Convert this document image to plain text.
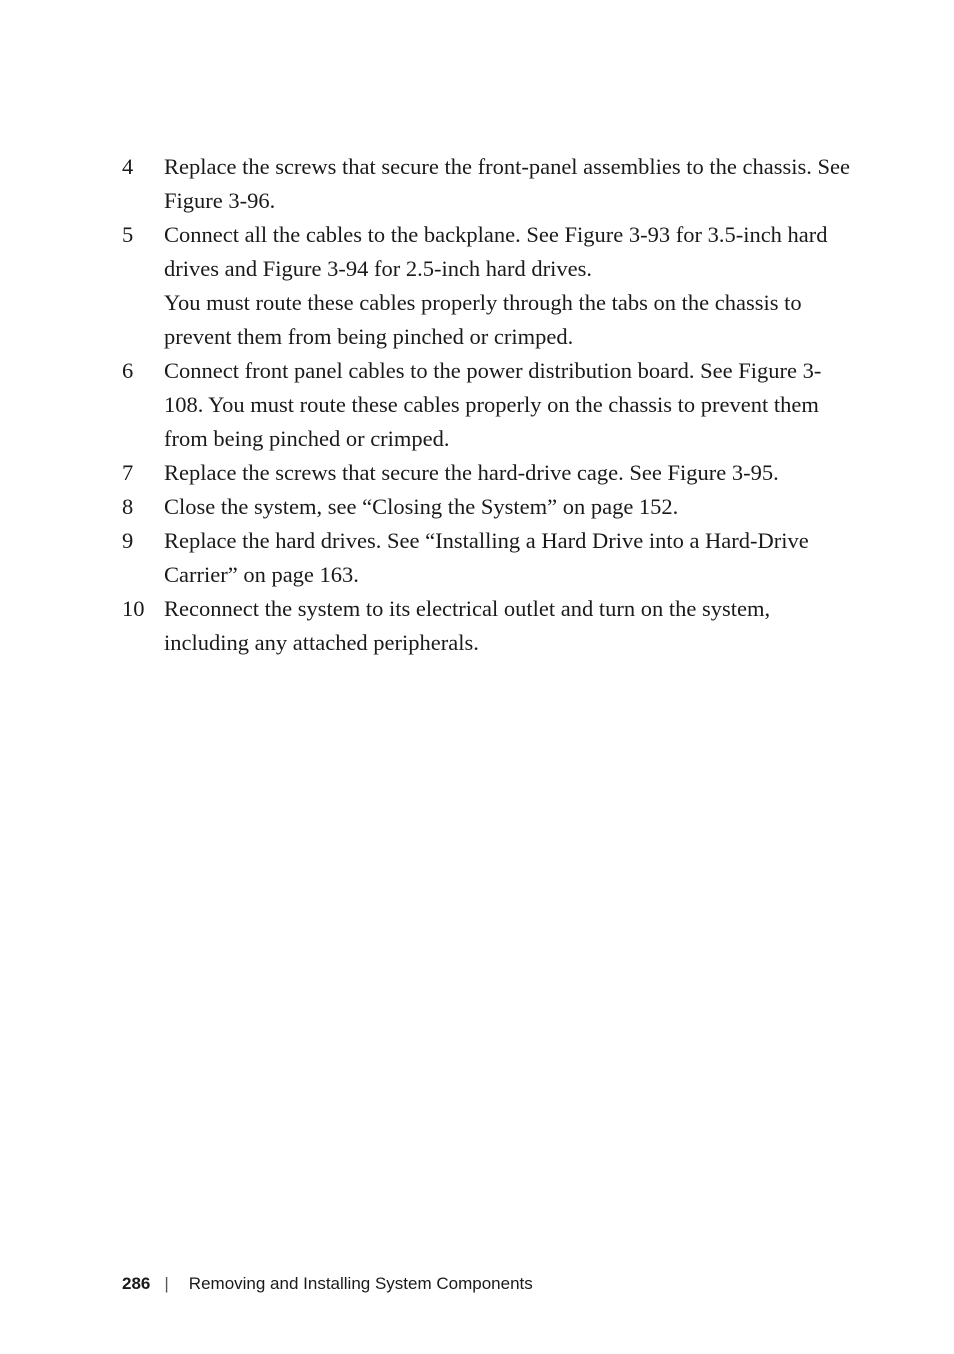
4 Replace the screws that secure the front-panel assemblies to the chassis. See Figure 3-96.
5 Connect all the cables to the backplane. See Figure 3-93 for 3.5-inch hard drives and Figure 3-94 for 2.5-inch hard drives.
You must route these cables properly through the tabs on the chassis to prevent them from being pinched or crimped.
6 Connect front panel cables to the power distribution board. See Figure 3-108. You must route these cables properly on the chassis to prevent them from being pinched or crimped.
7 Replace the screws that secure the hard-drive cage. See Figure 3-95.
8 Close the system, see “Closing the System” on page 152.
9 Replace the hard drives. See “Installing a Hard Drive into a Hard-Drive Carrier” on page 163.
10 Reconnect the system to its electrical outlet and turn on the system, including any attached peripherals.
286 | Removing and Installing System Components
